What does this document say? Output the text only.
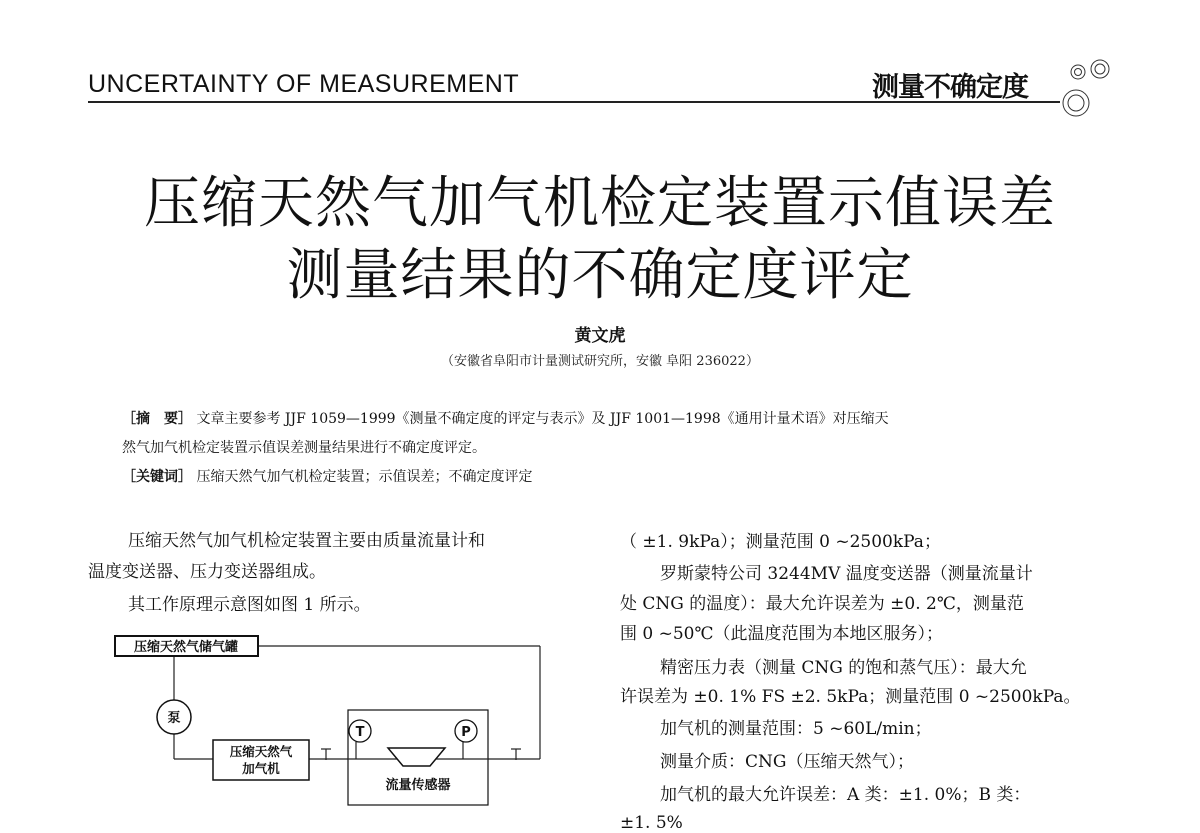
UNCERTAINTY OF MEASUREMENT	测量不确定度
压缩天然气加气机检定装置示值误差
测量结果的不确定度评定
黄文虎
（安徽省阜阳市计量测试研究所，安徽 阜阳 236022）
［摘　要］ 文章主要参考 JJF 1059—1999《测量不确定度的评定与表示》及 JJF 1001—1998《通用计量术语》对压缩天
然气加气机检定装置示值误差测量结果进行不确定度评定。
［关键词］ 压缩天然气加气机检定装置；示值误差；不确定度评定
压缩天然气加气机检定装置主要由质量流量计和
温度变送器、压力变送器组成。
其工作原理示意图如图 1 所示。
（ ±1. 9kPa）；测量范围 0 ~2500kPa；
罗斯蒙特公司 3244MV 温度变送器（测量流量计
处 CNG 的温度）：最大允许误差为 ±0. 2℃，测量范
围 0 ~50℃（此温度范围为本地区服务）；
精密压力表（测量 CNG 的饱和蒸气压）：最大允
许误差为 ±0. 1% FS ±2. 5kPa；测量范围 0 ~2500kPa。
加气机的测量范围：5 ~60L/min；
测量介质：CNG（压缩天然气）；
加气机的最大允许误差：A 类：±1. 0%；B 类：
±1. 5%
压缩天然气储气罐
泵
压缩天然气
加气机
T	P
流量传感器
